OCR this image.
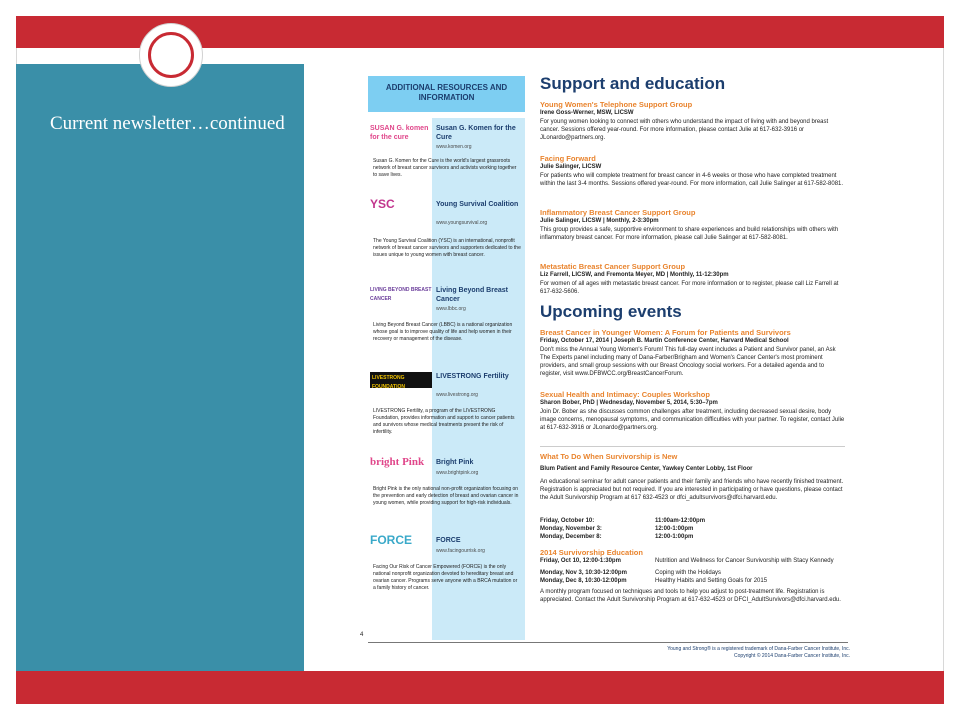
Current newsletter…continued
ADDITIONAL RESOURCES AND INFORMATION
SUSAN G. komen for the cure
Susan G. Komen for the Cure
www.komen.org
Susan G. Komen for the Cure is the world's largest grassroots network of breast cancer survivors and activists working together to save lives.
YSC	Young Survival Coalition
www.youngsurvival.org
The Young Survival Coalition (YSC) is an international, nonprofit network of breast cancer survivors and supporters dedicated to the issues unique to young women with breast cancer.
LIVING BEYOND BREAST CANCER
Living Beyond Breast Cancer
www.lbbc.org
Living Beyond Breast Cancer (LBBC) is a national organization whose goal is to improve quality of life and help women in their recovery or management of the disease.
LIVESTRONG FOUNDATION
LIVESTRONG Fertility
www.livestrong.org
LIVESTRONG Fertility, a program of the LIVESTRONG Foundation, provides information and support to cancer patients and survivors whose medical treatments present the risk of infertility.
bright Pink	Bright Pink
www.brightpink.org
Bright Pink is the only national non-profit organization focusing on the prevention and early detection of breast and ovarian cancer in young women, while providing support for high-risk individuals.
FORCE	FORCE
www.facingourrisk.org
Facing Our Risk of Cancer Empowered (FORCE) is the only national nonprofit organization devoted to hereditary breast and ovarian cancer. Programs serve anyone with a BRCA mutation or a family history of cancer.
Support and education
Young Women's Telephone Support Group
Irene Goss-Werner, MSW, LICSW
For young women looking to connect with others who understand the impact of living with and beyond breast cancer. Sessions offered year-round. For more information, please contact Julie at 617-632-3916 or JLonardo@partners.org.
Facing Forward
Julie Salinger, LICSW
For patients who will complete treatment for breast cancer in 4-6 weeks or those who have completed treatment within the last 3-4 months. Sessions offered year-round. For more information, call Julie Salinger at 617-582-8081.
Inflammatory Breast Cancer Support Group
Julie Salinger, LICSW | Monthly, 2-3:30pm
This group provides a safe, supportive environment to share experiences and build relationships with others with inflammatory breast cancer. For more information, please call Julie Salinger at 617-582-8081.
Metastatic Breast Cancer Support Group
Liz Farrell, LICSW, and Fremonta Meyer, MD | Monthly, 11-12:30pm
For women of all ages with metastatic breast cancer. For more information or to register, please call Liz Farrell at 617-632-5606.
Upcoming events
Breast Cancer in Younger Women: A Forum for Patients and Survivors
Friday, October 17, 2014 | Joseph B. Martin Conference Center, Harvard Medical School
Don't miss the Annual Young Women's Forum! This full-day event includes a Patient and Survivor panel, an Ask The Experts panel including many of Dana-Farber/Brigham and Women's Cancer Center's most prominent providers, and small group sessions with our Breast Oncology social workers. For a detailed agenda and to register, visit www.DFBWCC.org/BreastCancerForum.
Sexual Health and Intimacy: Couples Workshop
Sharon Bober, PhD | Wednesday, November 5, 2014, 5:30–7pm
Join Dr. Bober as she discusses common challenges after treatment, including decreased sexual desire, body image concerns, menopausal symptoms, and communication difficulties with your partner. To register, contact Julie at 617-632-3916 or JLonardo@partners.org.
What To Do When Survivorship is New
Blum Patient and Family Resource Center, Yawkey Center Lobby, 1st Floor
An educational seminar for adult cancer patients and their family and friends who have recently finished treatment. Registration is appreciated but not required. If you are interested in participating or have questions, please contact the Adult Survivorship Program at 617 632-4523 or dfci_adultsurvivors@dfci.harvard.edu.
Friday, October 10:	11:00am-12:00pm
Monday, November 3:	12:00-1:00pm
Monday, December 8:	12:00-1:00pm
2014 Survivorship Education
Friday, Oct 10, 12:00-1:30pm	Nutrition and Wellness for Cancer Survivorship with Stacy Kennedy
Monday, Nov 3, 10:30-12:00pm	Coping with the Holidays
Monday, Dec 8, 10:30-12:00pm	Healthy Habits and Setting Goals for 2015
A monthly program focused on techniques and tools to help you adjust to post-treatment life. Registration is appreciated. Contact the Adult Survivorship Program at 617-632-4523 or DFCI_AdultSurvivors@dfci.harvard.edu.
4
Young and Strong® is a registered trademark of Dana-Farber Cancer Institute, Inc.
Copyright © 2014 Dana-Farber Cancer Institute, Inc.
